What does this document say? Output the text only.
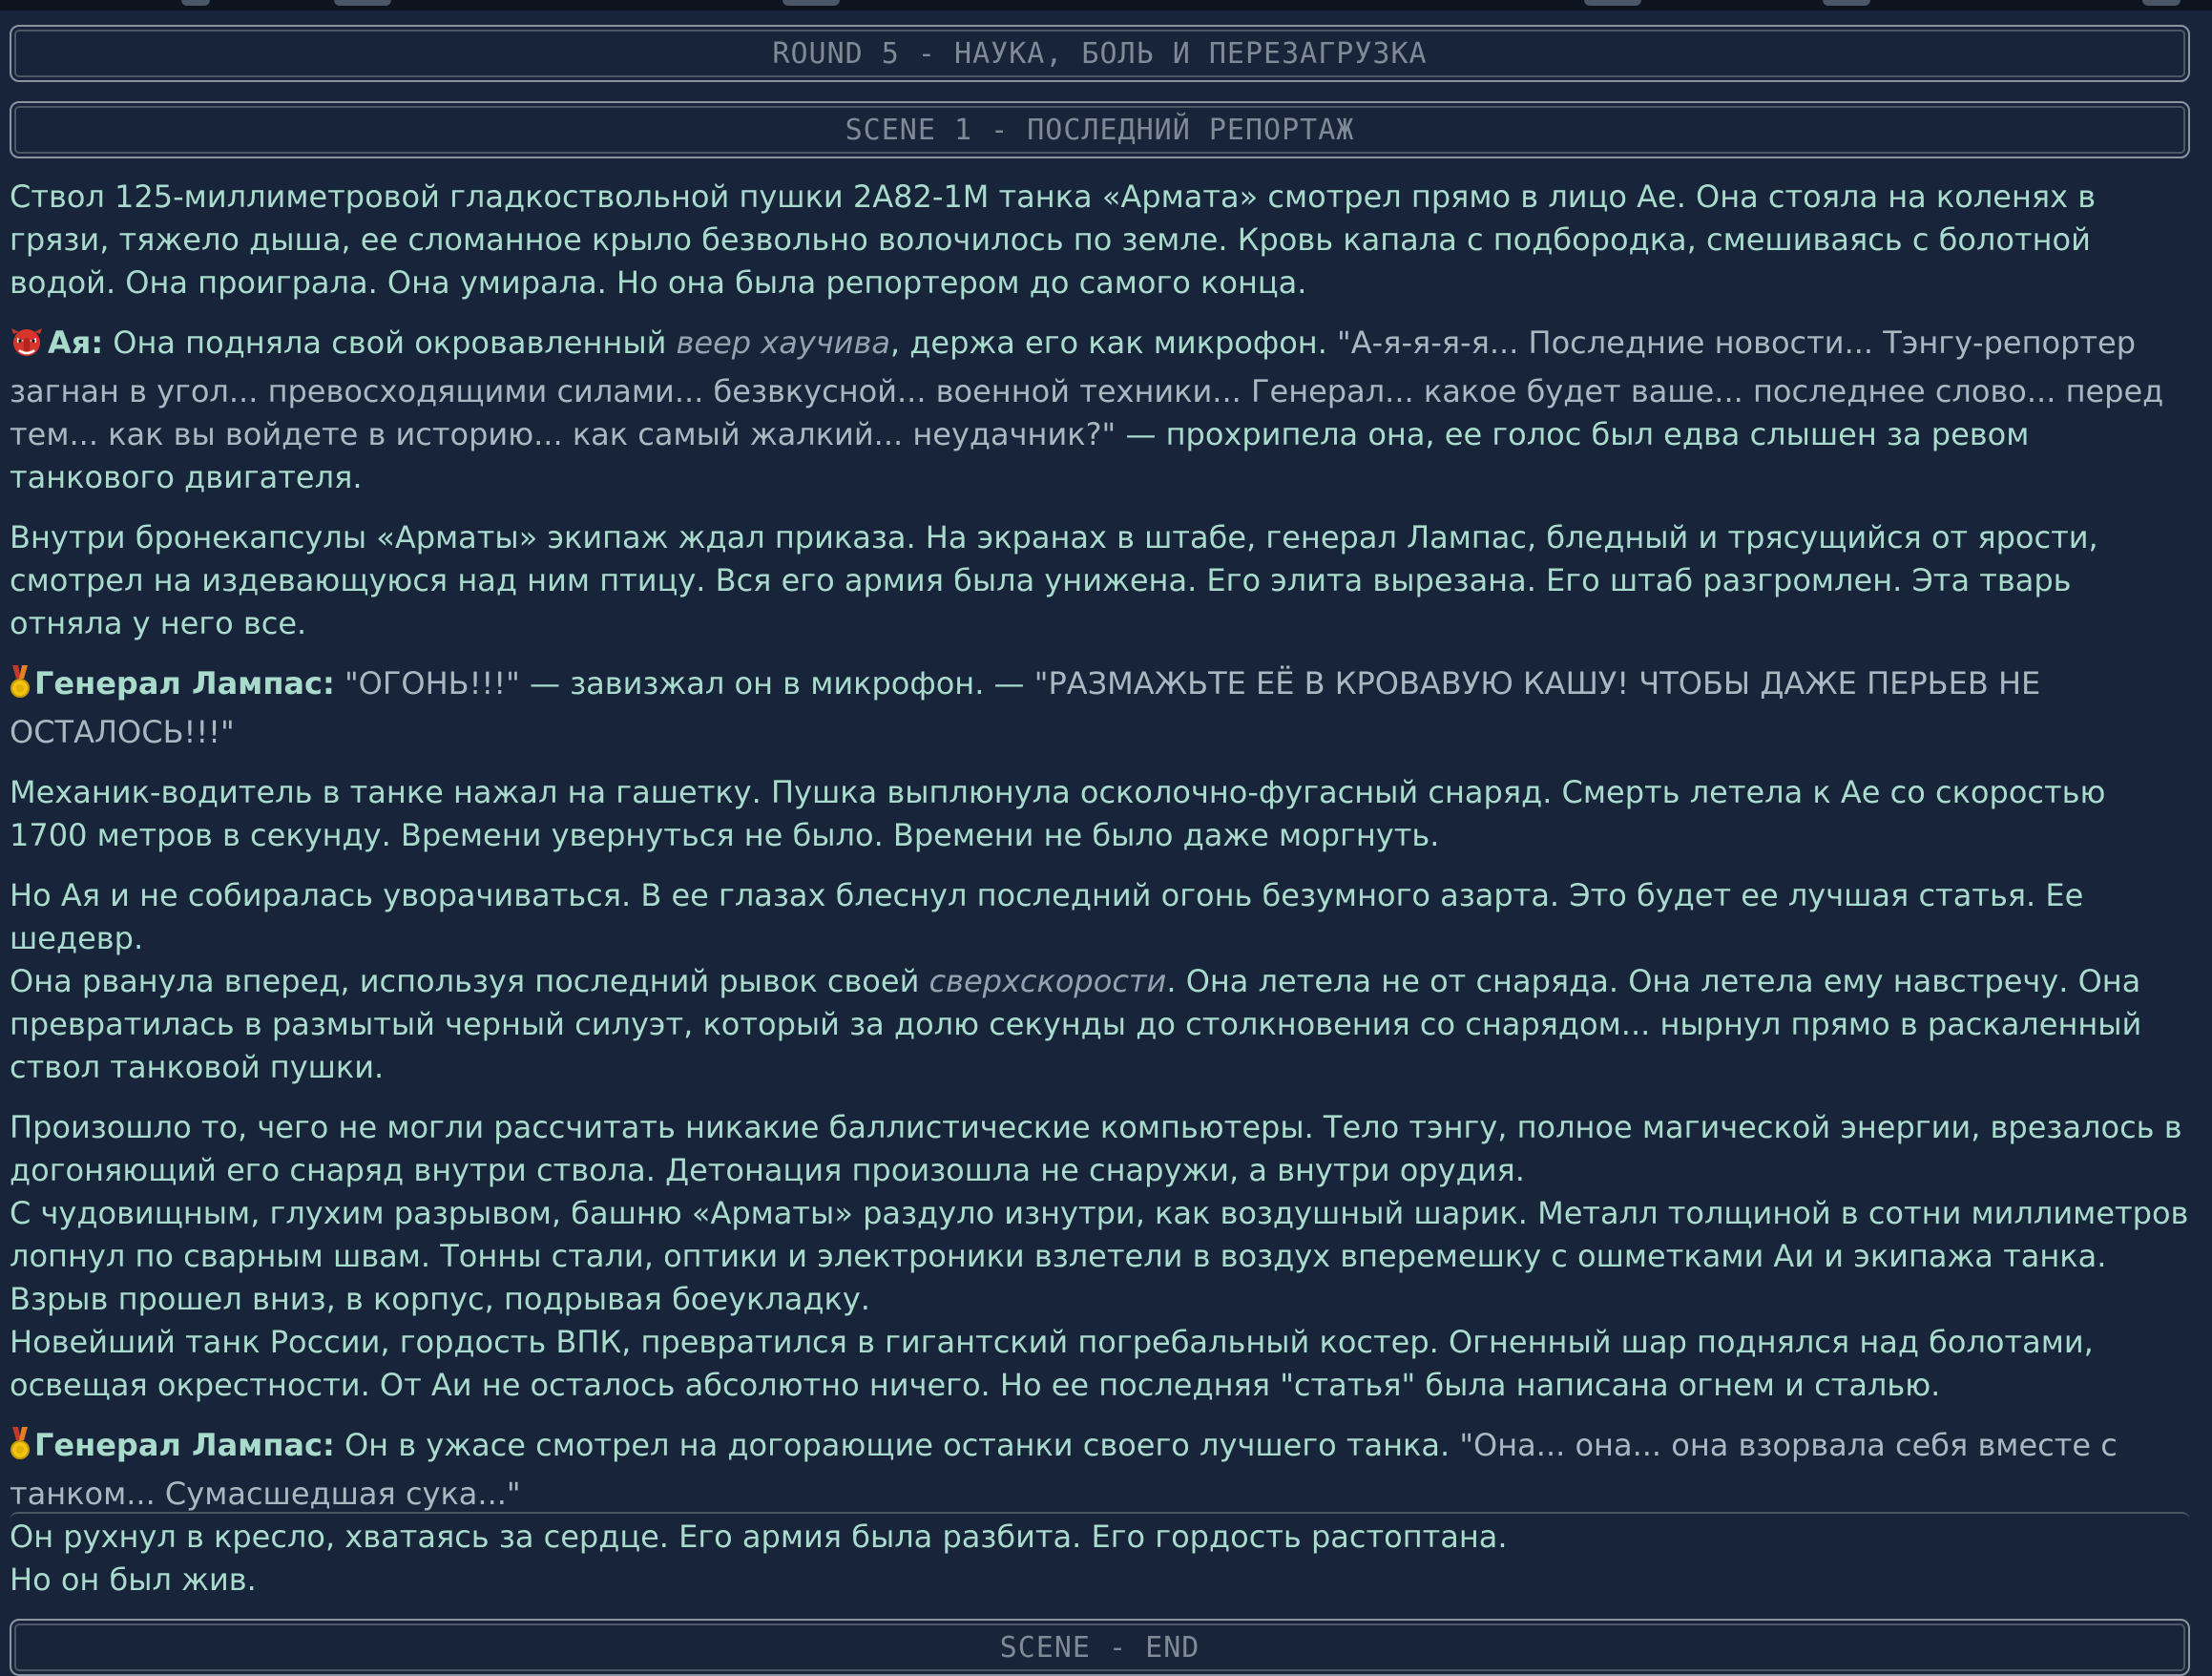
ROUND 5 - НАУКА, БОЛЬ И ПЕРЕЗАГРУЗКА
SCENE 1 - ПОСЛЕДНИЙ РЕПОРТАЖ

Ствол 125-миллиметровой гладкоствольной пушки 2А82-1М танка «Армата» смотрел прямо в лицо Ае. Она стояла на коленях в грязи, тяжело дыша, ее сломанное крыло безвольно волочилось по земле. Кровь капала с подбородка, смешиваясь с болотной водой. Она проиграла. Она умирала. Но она была репортером до самого конца.

Ая: Она подняла свой окровавленный веер хаучива, держа его как микрофон. "А-я-я-я-я... Последние новости... Тэнгу-репортер загнан в угол... превосходящими силами... безвкусной... военной техники... Генерал... какое будет ваше... последнее слово... перед тем... как вы войдете в историю... как самый жалкий... неудачник?" — прохрипела она, ее голос был едва слышен за ревом танкового двигателя.

Внутри бронекапсулы «Арматы» экипаж ждал приказа. На экранах в штабе, генерал Лампас, бледный и трясущийся от ярости, смотрел на издевающуюся над ним птицу. Вся его армия была унижена. Его элита вырезана. Его штаб разгромлен. Эта тварь отняла у него все.

Генерал Лампас: "ОГОНЬ!!!" — завизжал он в микрофон. — "РАЗМАЖЬТЕ ЕЁ В КРОВАВУЮ КАШУ! ЧТОБЫ ДАЖЕ ПЕРЬЕВ НЕ ОСТАЛОСЬ!!!"

Механик-водитель в танке нажал на гашетку. Пушка выплюнула осколочно-фугасный снаряд. Смерть летела к Ае со скоростью 1700 метров в секунду. Времени увернуться не было. Времени не было даже моргнуть.

Но Ая и не собиралась уворачиваться. В ее глазах блеснул последний огонь безумного азарта. Это будет ее лучшая статья. Ее шедевр.
Она рванула вперед, используя последний рывок своей сверхскорости. Она летела не от снаряда. Она летела ему навстречу. Она превратилась в размытый черный силуэт, который за долю секунды до столкновения со снарядом... нырнул прямо в раскаленный ствол танковой пушки.

Произошло то, чего не могли рассчитать никакие баллистические компьютеры. Тело тэнгу, полное магической энергии, врезалось в догоняющий его снаряд внутри ствола. Детонация произошла не снаружи, а внутри орудия.
С чудовищным, глухим разрывом, башню «Арматы» раздуло изнутри, как воздушный шарик. Металл толщиной в сотни миллиметров лопнул по сварным швам. Тонны стали, оптики и электроники взлетели в воздух вперемешку с ошметками Аи и экипажа танка. Взрыв прошел вниз, в корпус, подрывая боеукладку.
Новейший танк России, гордость ВПК, превратился в гигантский погребальный костер. Огненный шар поднялся над болотами, освещая окрестности. От Аи не осталось абсолютно ничего. Но ее последняя "статья" была написана огнем и сталью.

Генерал Лампас: Он в ужасе смотрел на догорающие останки своего лучшего танка. "Она... она... она взорвала себя вместе с танком... Сумасшедшая сука..."
Он рухнул в кресло, хватаясь за сердце. Его армия была разбита. Его гордость растоптана.
Но он был жив.

SCENE - END
